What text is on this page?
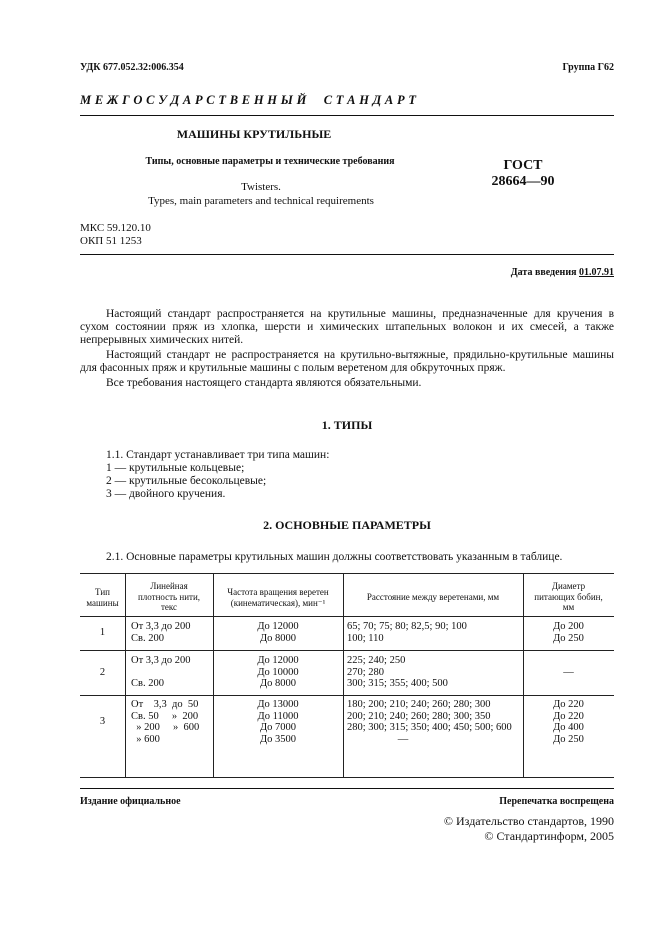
УДК 677.052.32:006.354	Группа Г62
М Е Ж Г О С У Д А Р С Т В Е Н Н Ы Й     С Т А Н Д А Р Т
МАШИНЫ КРУТИЛЬНЫЕ
Типы, основные параметры и технические требования
Twisters.
Types, main parameters and technical requirements
ГОСТ
28664—90
МКС 59.120.10
ОКП 51 1253
Дата введения 01.07.91

Настоящий стандарт распространяется на крутильные машины, предназначенные для кручения в сухом состоянии пряж из хлопка, шерсти и химических штапельных волокон и их смесей, а также непрерывных химических нитей.

Настоящий стандарт не распространяется на крутильно-вытяжные, прядильно-крутильные машины для фасонных пряж и крутильные машины с полым веретеном для обкруточных пряж.

Все требования настоящего стандарта являются обязательными.

1. ТИПЫ
1.1. Стандарт устанавливает три типа машин:
1 — крутильные кольцевые;
2 — крутильные бесокольцевые;
3 — двойного кручения.
2. ОСНОВНЫЕ ПАРАМЕТРЫ
2.1. Основные параметры крутильных машин должны соответствовать указанным в таблице.
Тип
машины
Линейная
плотность нити,
текс
Частота вращения веретен
(кинематическая), мин⁻¹
Расстояние между веретенами, мм
Диаметр
питающих бобин,
мм
1
От 3,3 до 200
Св. 200
До 12000
До 8000
65; 70; 75; 80; 82,5; 90; 100
100; 110
До 200
До 250
2
От 3,3 до 200

Св. 200
До 12000
До 10000
До 8000
225; 240; 250
270; 280
300; 315; 355; 400; 500
—
3
От    3,3  до  50
Св. 50     »  200
» 200     »  600
» 600
До 13000
До 11000
До 7000
До 3500
180; 200; 210; 240; 260; 280; 300
200; 210; 240; 260; 280; 300; 350
280; 300; 315; 350; 400; 450; 500; 600
—
До 220
До 220
До 400
До 250
Издание официальное	Перепечатка воспрещена
© Издательство стандартов, 1990
© Стандартинформ, 2005
